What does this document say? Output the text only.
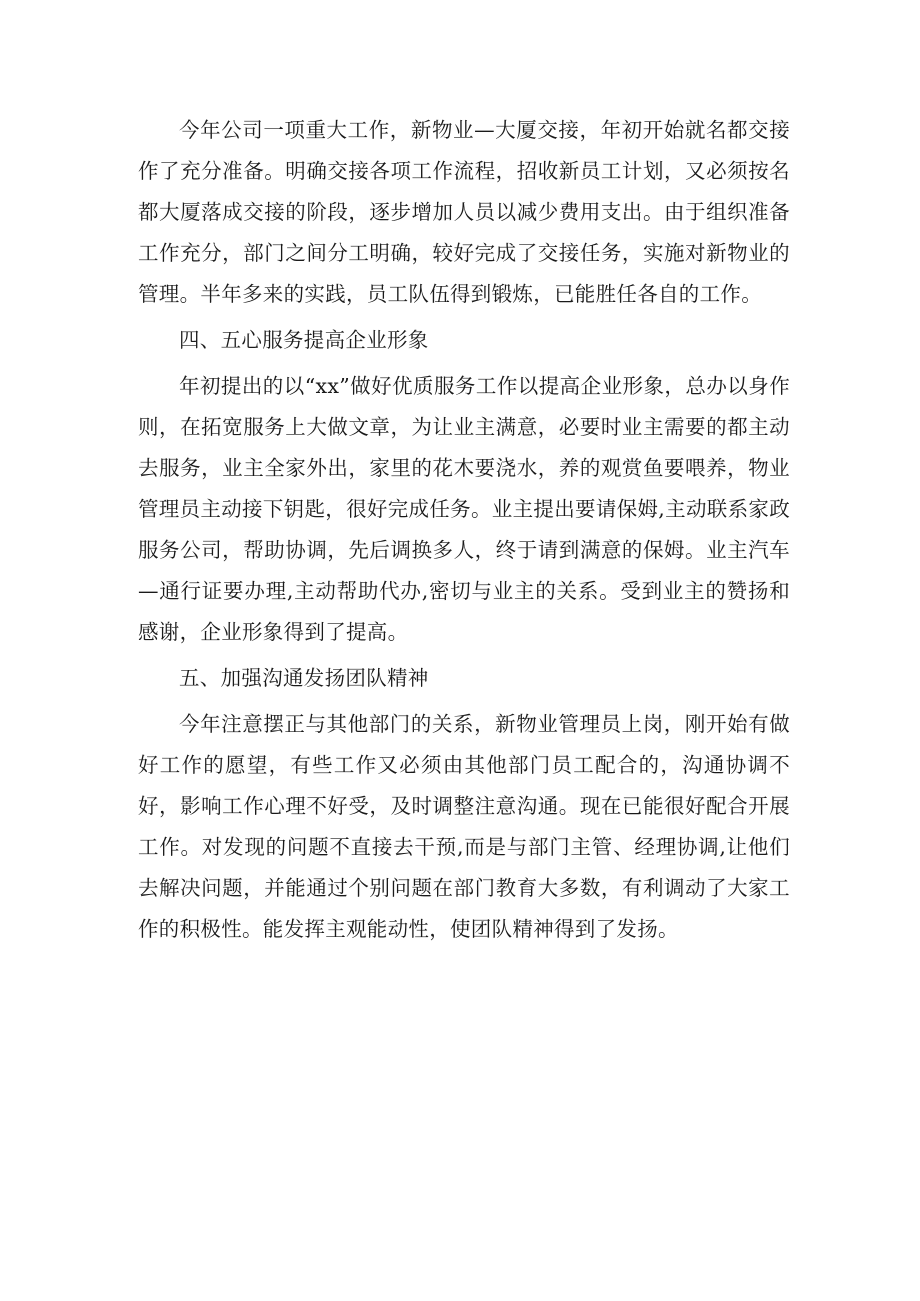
今年公司一项重大工作，新物业—大厦交接，年初开始就名都交接作了充分准备。明确交接各项工作流程，招收新员工计划，又必须按名都大厦落成交接的阶段，逐步增加人员以减少费用支出。由于组织准备工作充分，部门之间分工明确，较好完成了交接任务，实施对新物业的管理。半年多来的实践，员工队伍得到锻炼，已能胜任各自的工作。

四、五心服务提高企业形象

年初提出的以“xx”做好优质服务工作以提高企业形象，总办以身作则，在拓宽服务上大做文章，为让业主满意，必要时业主需要的都主动去服务，业主全家外出，家里的花木要浇水，养的观赏鱼要喂养，物业管理员主动接下钥匙，很好完成任务。业主提出要请保姆,主动联系家政服务公司，帮助协调，先后调换多人，终于请到满意的保姆。业主汽车—通行证要办理,主动帮助代办,密切与业主的关系。受到业主的赞扬和感谢，企业形象得到了提高。

五、加强沟通发扬团队精神

今年注意摆正与其他部门的关系，新物业管理员上岗，刚开始有做好工作的愿望，有些工作又必须由其他部门员工配合的，沟通协调不好，影响工作心理不好受，及时调整注意沟通。现在已能很好配合开展工作。对发现的问题不直接去干预,而是与部门主管、经理协调,让他们去解决问题，并能通过个别问题在部门教育大多数，有利调动了大家工作的积极性。能发挥主观能动性，使团队精神得到了发扬。
